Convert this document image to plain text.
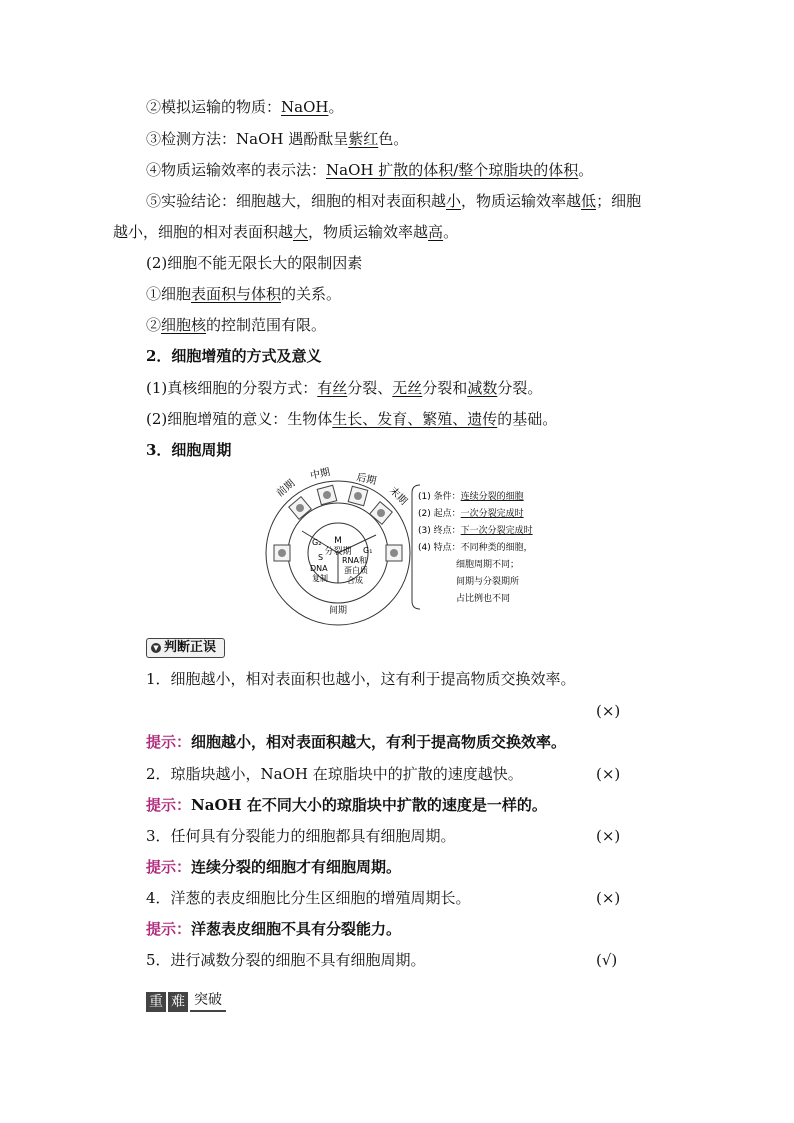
②模拟运输的物质：NaOH。
③检测方法：NaOH 遇酚酞呈紫红色。
④物质运输效率的表示法：NaOH 扩散的体积/整个琼脂块的体积。
⑤实验结论：细胞越大，细胞的相对表面积越小，物质运输效率越低；细胞
越小，细胞的相对表面积越大，物质运输效率越高。
(2)细胞不能无限长大的限制因素
①细胞表面积与体积的关系。
②细胞核的控制范围有限。
2．细胞增殖的方式及意义
(1)真核细胞的分裂方式：有丝分裂、无丝分裂和减数分裂。
(2)细胞增殖的意义：生物体生长、发育、繁殖、遗传的基础。
3．细胞周期
前期
中期 后期
末期
M
分裂期
G₂
G₁
S
DNA
复制
RNA和
蛋白质
合成
间期
(1) 条件：连续分裂的细胞
(2) 起点：一次分裂完成时
(3) 终点：下一次分裂完成时
(4) 特点：不同种类的细胞，
细胞周期不同；
间期与分裂期所
占比例也不同
▼ 判断正误
1．细胞越小，相对表面积也越小，这有利于提高物质交换效率。
(×)
提示：细胞越小，相对表面积越大，有利于提高物质交换效率。
2．琼脂块越小，NaOH 在琼脂块中的扩散的速度越快。	(×)
提示：NaOH 在不同大小的琼脂块中扩散的速度是一样的。
3．任何具有分裂能力的细胞都具有细胞周期。	(×)
提示：连续分裂的细胞才有细胞周期。
4．洋葱的表皮细胞比分生区细胞的增殖周期长。	(×)
提示：洋葱表皮细胞不具有分裂能力。
5．进行减数分裂的细胞不具有细胞周期。	(√)
重 难 突破
